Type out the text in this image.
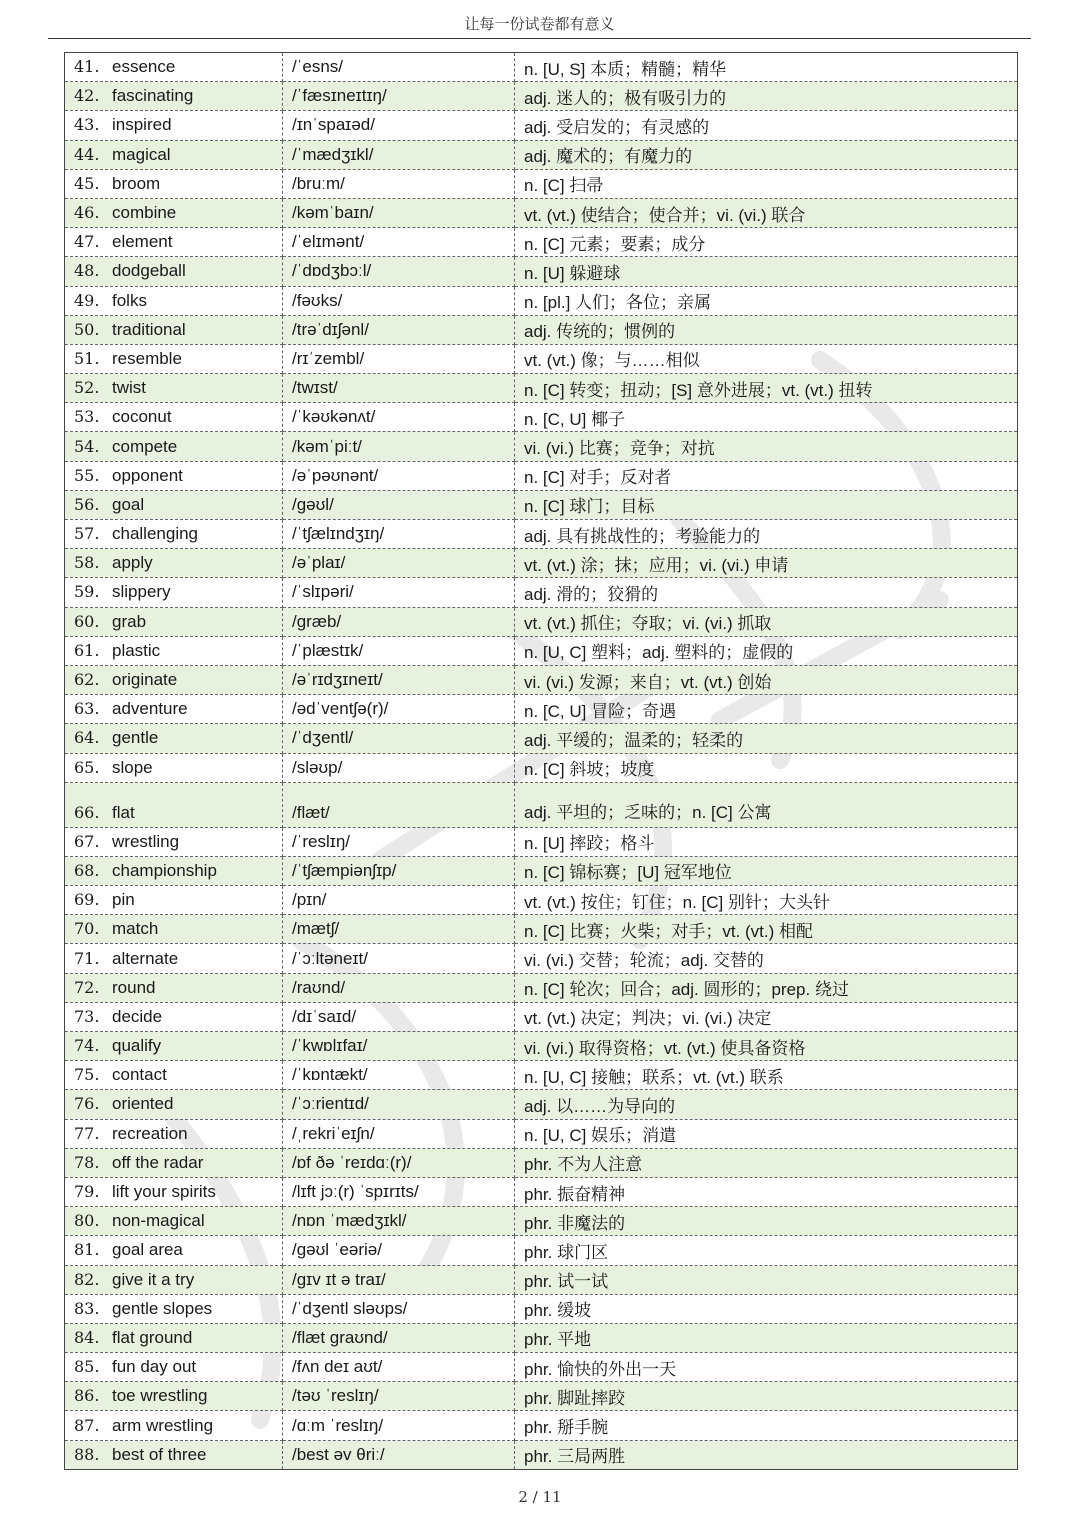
让每一份试卷都有意义
41. essence	/ˈesns/	n. [U, S] 本质；精髓；精华
42. fascinating	/ˈfæsɪneɪtɪŋ/	adj. 迷人的；极有吸引力的
43. inspired	/ɪnˈspaɪəd/	adj. 受启发的；有灵感的
44. magical	/ˈmædʒɪkl/	adj. 魔术的；有魔力的
45. broom	/bruːm/	n. [C] 扫帚
46. combine	/kəmˈbaɪn/	vt. (vt.) 使结合；使合并；vi. (vi.) 联合
47. element	/ˈelɪmənt/	n. [C] 元素；要素；成分
48. dodgeball	/ˈdɒdʒbɔːl/	n. [U] 躲避球
49. folks	/fəʊks/	n. [pl.] 人们；各位；亲属
50. traditional	/trəˈdɪʃənl/	adj. 传统的；惯例的
51. resemble	/rɪˈzembl/	vt. (vt.) 像；与……相似
52. twist	/twɪst/	n. [C] 转变；扭动；[S] 意外进展；vt. (vt.) 扭转
53. coconut	/ˈkəʊkənʌt/	n. [C, U] 椰子
54. compete	/kəmˈpiːt/	vi. (vi.) 比赛；竞争；对抗
55. opponent	/əˈpəʊnənt/	n. [C] 对手；反对者
56. goal	/gəʊl/	n. [C] 球门；目标
57. challenging	/ˈtʃælɪndʒɪŋ/	adj. 具有挑战性的；考验能力的
58. apply	/əˈplaɪ/	vt. (vt.) 涂；抹；应用；vi. (vi.) 申请
59. slippery	/ˈslɪpəri/	adj. 滑的；狡猾的
60. grab	/græb/	vt. (vt.) 抓住；夺取；vi. (vi.) 抓取
61. plastic	/ˈplæstɪk/	n. [U, C] 塑料；adj. 塑料的；虚假的
62. originate	/əˈrɪdʒɪneɪt/	vi. (vi.) 发源；来自；vt. (vt.) 创始
63. adventure	/ədˈventʃə(r)/	n. [C, U] 冒险；奇遇
64. gentle	/ˈdʒentl/	adj. 平缓的；温柔的；轻柔的
65. slope	/sləʊp/	n. [C] 斜坡；坡度
66. flat	/flæt/	adj. 平坦的；乏味的；n. [C] 公寓
67. wrestling	/ˈreslɪŋ/	n. [U] 摔跤；格斗
68. championship	/ˈtʃæmpiənʃɪp/	n. [C] 锦标赛；[U] 冠军地位
69. pin	/pɪn/	vt. (vt.) 按住；钉住；n. [C] 别针；大头针
70. match	/mætʃ/	n. [C] 比赛；火柴；对手；vt. (vt.) 相配
71. alternate	/ˈɔːltəneɪt/	vi. (vi.) 交替；轮流；adj. 交替的
72. round	/raʊnd/	n. [C] 轮次；回合；adj. 圆形的；prep. 绕过
73. decide	/dɪˈsaɪd/	vt. (vt.) 决定；判决；vi. (vi.) 决定
74. qualify	/ˈkwɒlɪfaɪ/	vi. (vi.) 取得资格；vt. (vt.) 使具备资格
75. contact	/ˈkɒntækt/	n. [U, C] 接触；联系；vt. (vt.) 联系
76. oriented	/ˈɔːrientɪd/	adj. 以……为导向的
77. recreation	/ˌrekriˈeɪʃn/	n. [U, C] 娱乐；消遣
78. off the radar	/ɒf ðə ˈreɪdɑː(r)/	phr. 不为人注意
79. lift your spirits	/lɪft jɔː(r) ˈspɪrɪts/	phr. 振奋精神
80. non-magical	/nɒn ˈmædʒɪkl/	phr. 非魔法的
81. goal area	/gəʊl ˈeəriə/	phr. 球门区
82. give it a try	/gɪv ɪt ə traɪ/	phr. 试一试
83. gentle slopes	/ˈdʒentl sləʊps/	phr. 缓坡
84. flat ground	/flæt graʊnd/	phr. 平地
85. fun day out	/fʌn deɪ aʊt/	phr. 愉快的外出一天
86. toe wrestling	/təʊ ˈreslɪŋ/	phr. 脚趾摔跤
87. arm wrestling	/ɑːm ˈreslɪŋ/	phr. 掰手腕
88. best of three	/best əv θriː/	phr. 三局两胜
2 / 11
